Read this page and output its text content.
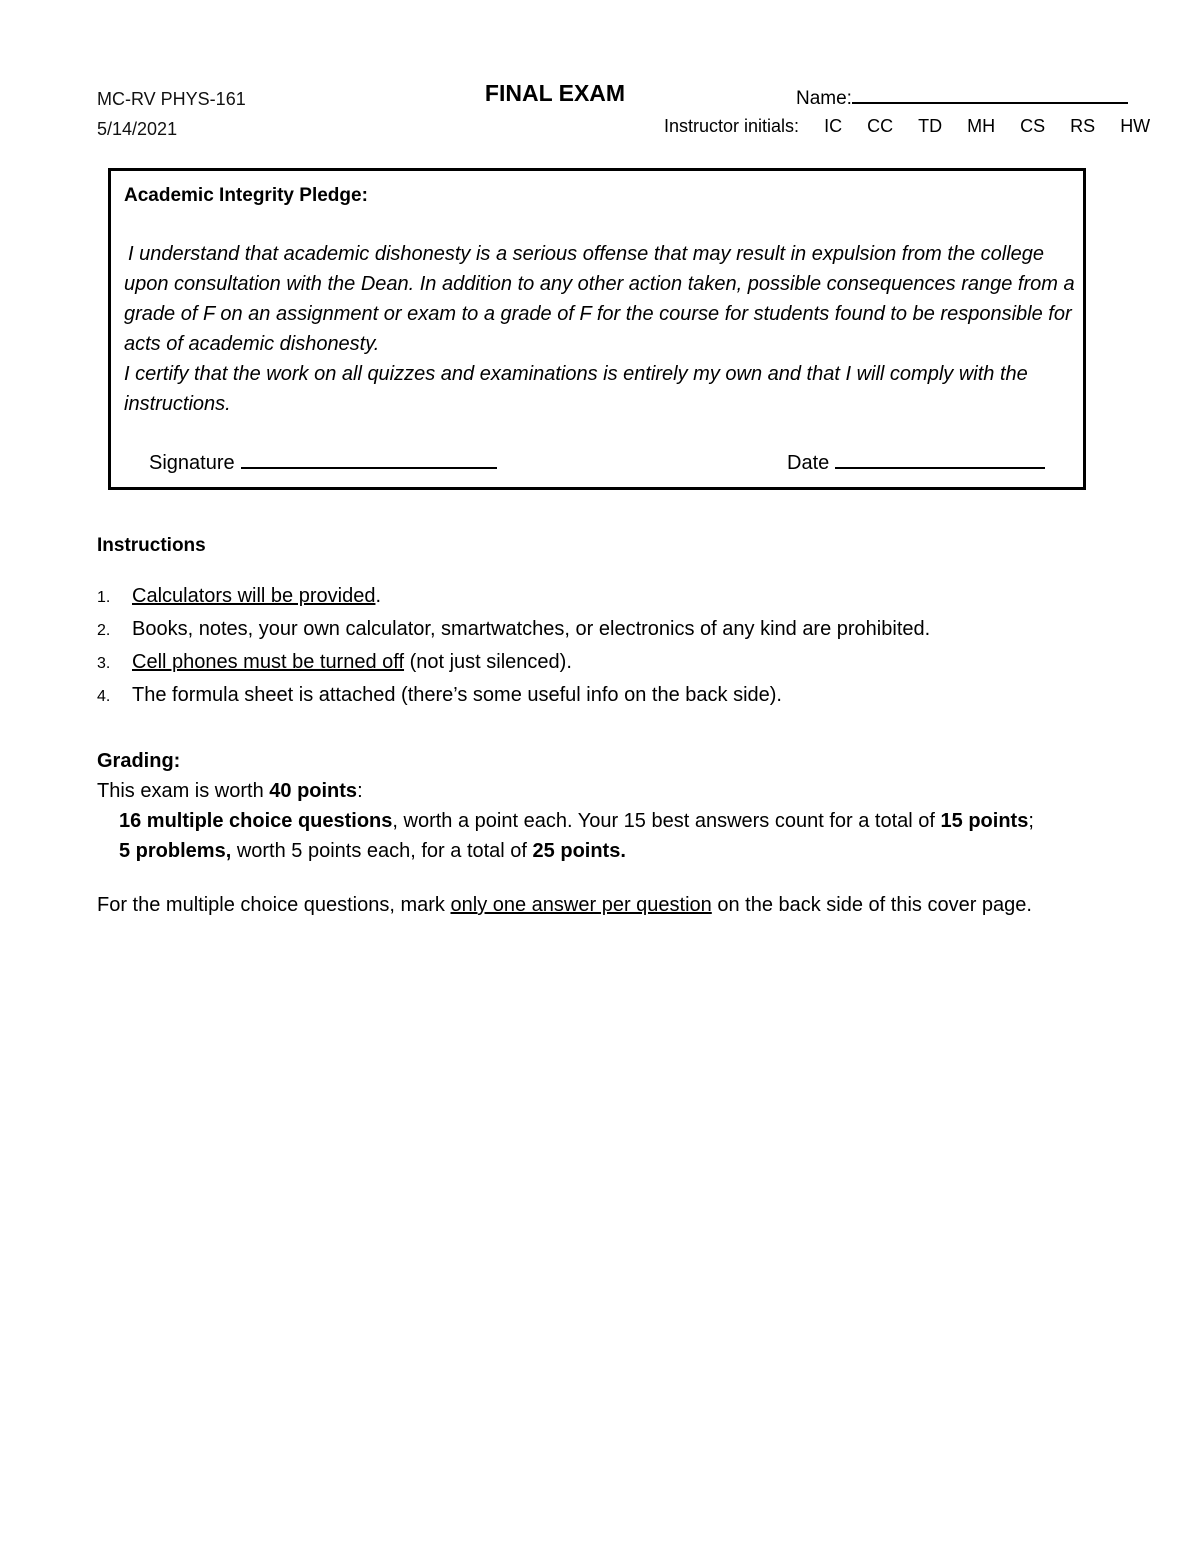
MC-RV PHYS-161
5/14/2021
FINAL EXAM	Name:
Instructor initials: IC CC TD MH CS RS HW
Academic Integrity Pledge:

I understand that academic dishonesty is a serious offense that may result in expulsion from the college upon consultation with the Dean. In addition to any other action taken, possible consequences range from a grade of F on an assignment or exam to a grade of F for the course for students found to be responsible for acts of academic dishonesty.

I certify that the work on all quizzes and examinations is entirely my own and that I will comply with the instructions.

Signature	Date
Instructions
1. Calculators will be provided.
2. Books, notes, your own calculator, smartwatches, or electronics of any kind are prohibited.
3. Cell phones must be turned off (not just silenced).
4. The formula sheet is attached (there’s some useful info on the back side).
Grading:
This exam is worth 40 points:
16 multiple choice questions, worth a point each. Your 15 best answers count for a total of 15 points;
5 problems, worth 5 points each, for a total of 25 points.
For the multiple choice questions, mark only one answer per question on the back side of this cover page.
